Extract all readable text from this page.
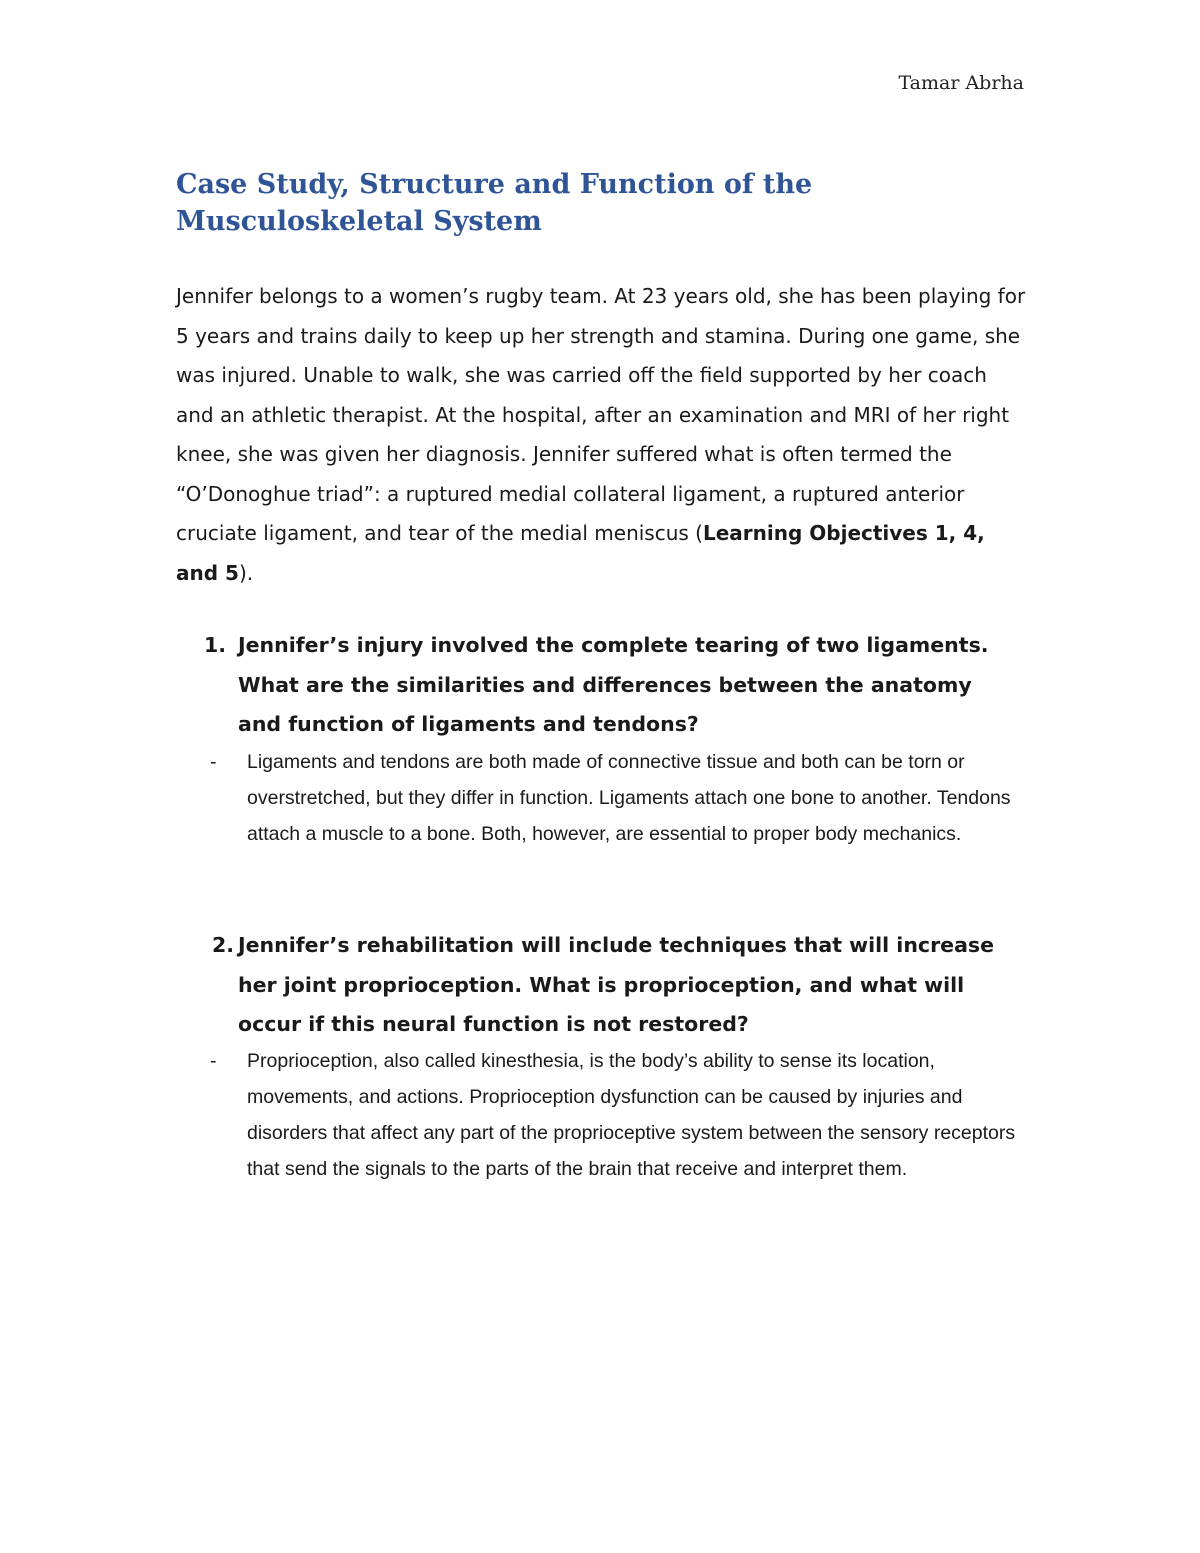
Tamar Abrha
Case Study, Structure and Function of the Musculoskeletal System
Jennifer belongs to a women’s rugby team. At 23 years old, she has been playing for 5 years and trains daily to keep up her strength and stamina. During one game, she was injured. Unable to walk, she was carried off the field supported by her coach and an athletic therapist. At the hospital, after an examination and MRI of her right knee, she was given her diagnosis. Jennifer suffered what is often termed the “O’Donoghue triad”: a ruptured medial collateral ligament, a ruptured anterior cruciate ligament, and tear of the medial meniscus (Learning Objectives 1, 4, and 5).
1. Jennifer’s injury involved the complete tearing of two ligaments. What are the similarities and differences between the anatomy and function of ligaments and tendons?
- Ligaments and tendons are both made of connective tissue and both can be torn or overstretched, but they differ in function. Ligaments attach one bone to another. Tendons attach a muscle to a bone. Both, however, are essential to proper body mechanics.
2. Jennifer’s rehabilitation will include techniques that will increase her joint proprioception. What is proprioception, and what will occur if this neural function is not restored?
- Proprioception, also called kinesthesia, is the body’s ability to sense its location, movements, and actions. Proprioception dysfunction can be caused by injuries and disorders that affect any part of the proprioceptive system between the sensory receptors that send the signals to the parts of the brain that receive and interpret them.
